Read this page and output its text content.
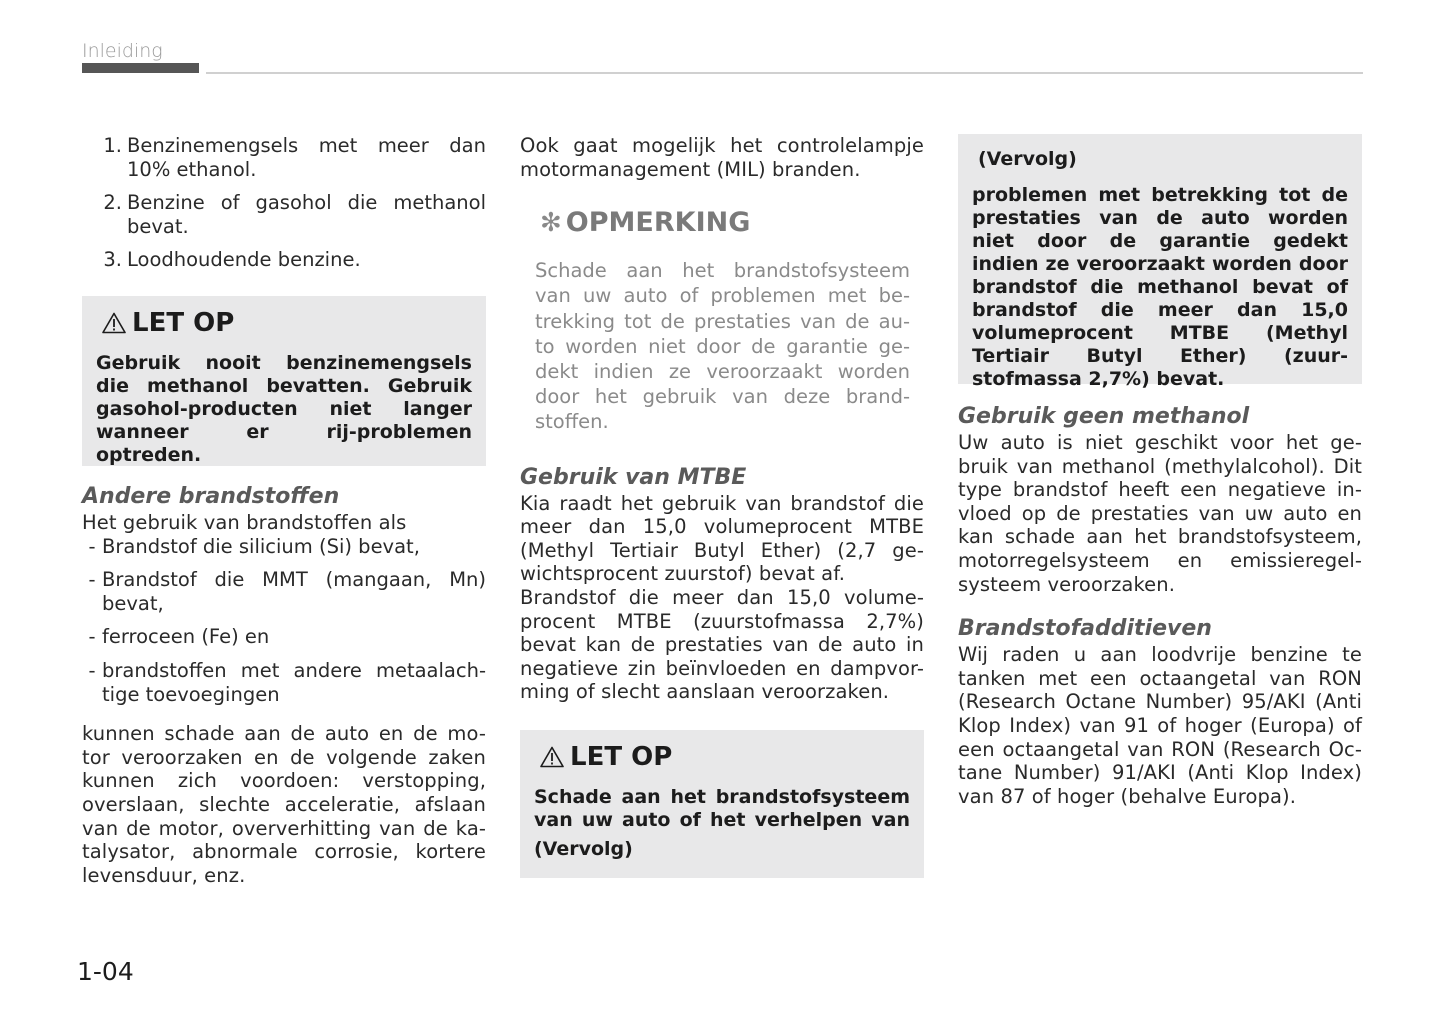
Inleiding
1. Benzinemengsels met meer dan 10% ethanol.
2. Benzine of gasohol die methanol bevat.
3. Loodhoudende benzine.
LET OP

Gebruik nooit benzinemengsels die methanol bevatten. Gebruik gasohol-producten niet langer wanneer er rij-problemen optreden.

Andere brandstoffen

Het gebruik van brandstoffen als

- Brandstof die silicium (Si) bevat,
- Brandstof die MMT (mangaan, Mn) bevat,
- ferroceen (Fe) en
- brandstoffen met andere metaalach-tige toevoegingen

kunnen schade aan de auto en de mo-tor veroorzaken en de volgende zaken kunnen zich voordoen: verstopping, overslaan, slechte acceleratie, afslaan van de motor, oververhitting van de ka-talysator, abnormale corrosie, kortere levensduur, enz.

Ook gaat mogelijk het controlelampje motormanagement (MIL) branden.

✻ OPMERKING

Schade aan het brandstofsysteem van uw auto of problemen met be-trekking tot de prestaties van de au-to worden niet door de garantie ge-dekt indien ze veroorzaakt worden door het gebruik van deze brand-stoffen.

Gebruik van MTBE

Kia raadt het gebruik van brandstof die meer dan 15,0 volumeprocent MTBE (Methyl Tertiair Butyl Ether) (2,7 ge-wichtsprocent zuurstof) bevat af.

Brandstof die meer dan 15,0 volume-procent MTBE (zuurstofmassa 2,7%) bevat kan de prestaties van de auto in negatieve zin beïnvloeden en dampvor-ming of slecht aanslaan veroorzaken.

LET OP

Schade aan het brandstofsysteem van uw auto of het verhelpen van

(Vervolg)

(Vervolg)

problemen met betrekking tot de prestaties van de auto worden niet door de garantie gedekt indien ze veroorzaakt worden door brandstof die methanol bevat of brandstof die meer dan 15,0 volumeprocent MTBE (Methyl Tertiair Butyl Ether) (zuur-stofmassa 2,7%) bevat.

Gebruik geen methanol

Uw auto is niet geschikt voor het ge-bruik van methanol (methylalcohol). Dit type brandstof heeft een negatieve in-vloed op de prestaties van uw auto en kan schade aan het brandstofsysteem, motorregelsysteem en emissieregel-systeem veroorzaken.

Brandstofadditieven

Wij raden u aan loodvrije benzine te tanken met een octaangetal van RON (Research Octane Number) 95/AKI (Anti Klop Index) van 91 of hoger (Europa) of een octaangetal van RON (Research Oc-tane Number) 91/AKI (Anti Klop Index) van 87 of hoger (behalve Europa).

1-04
